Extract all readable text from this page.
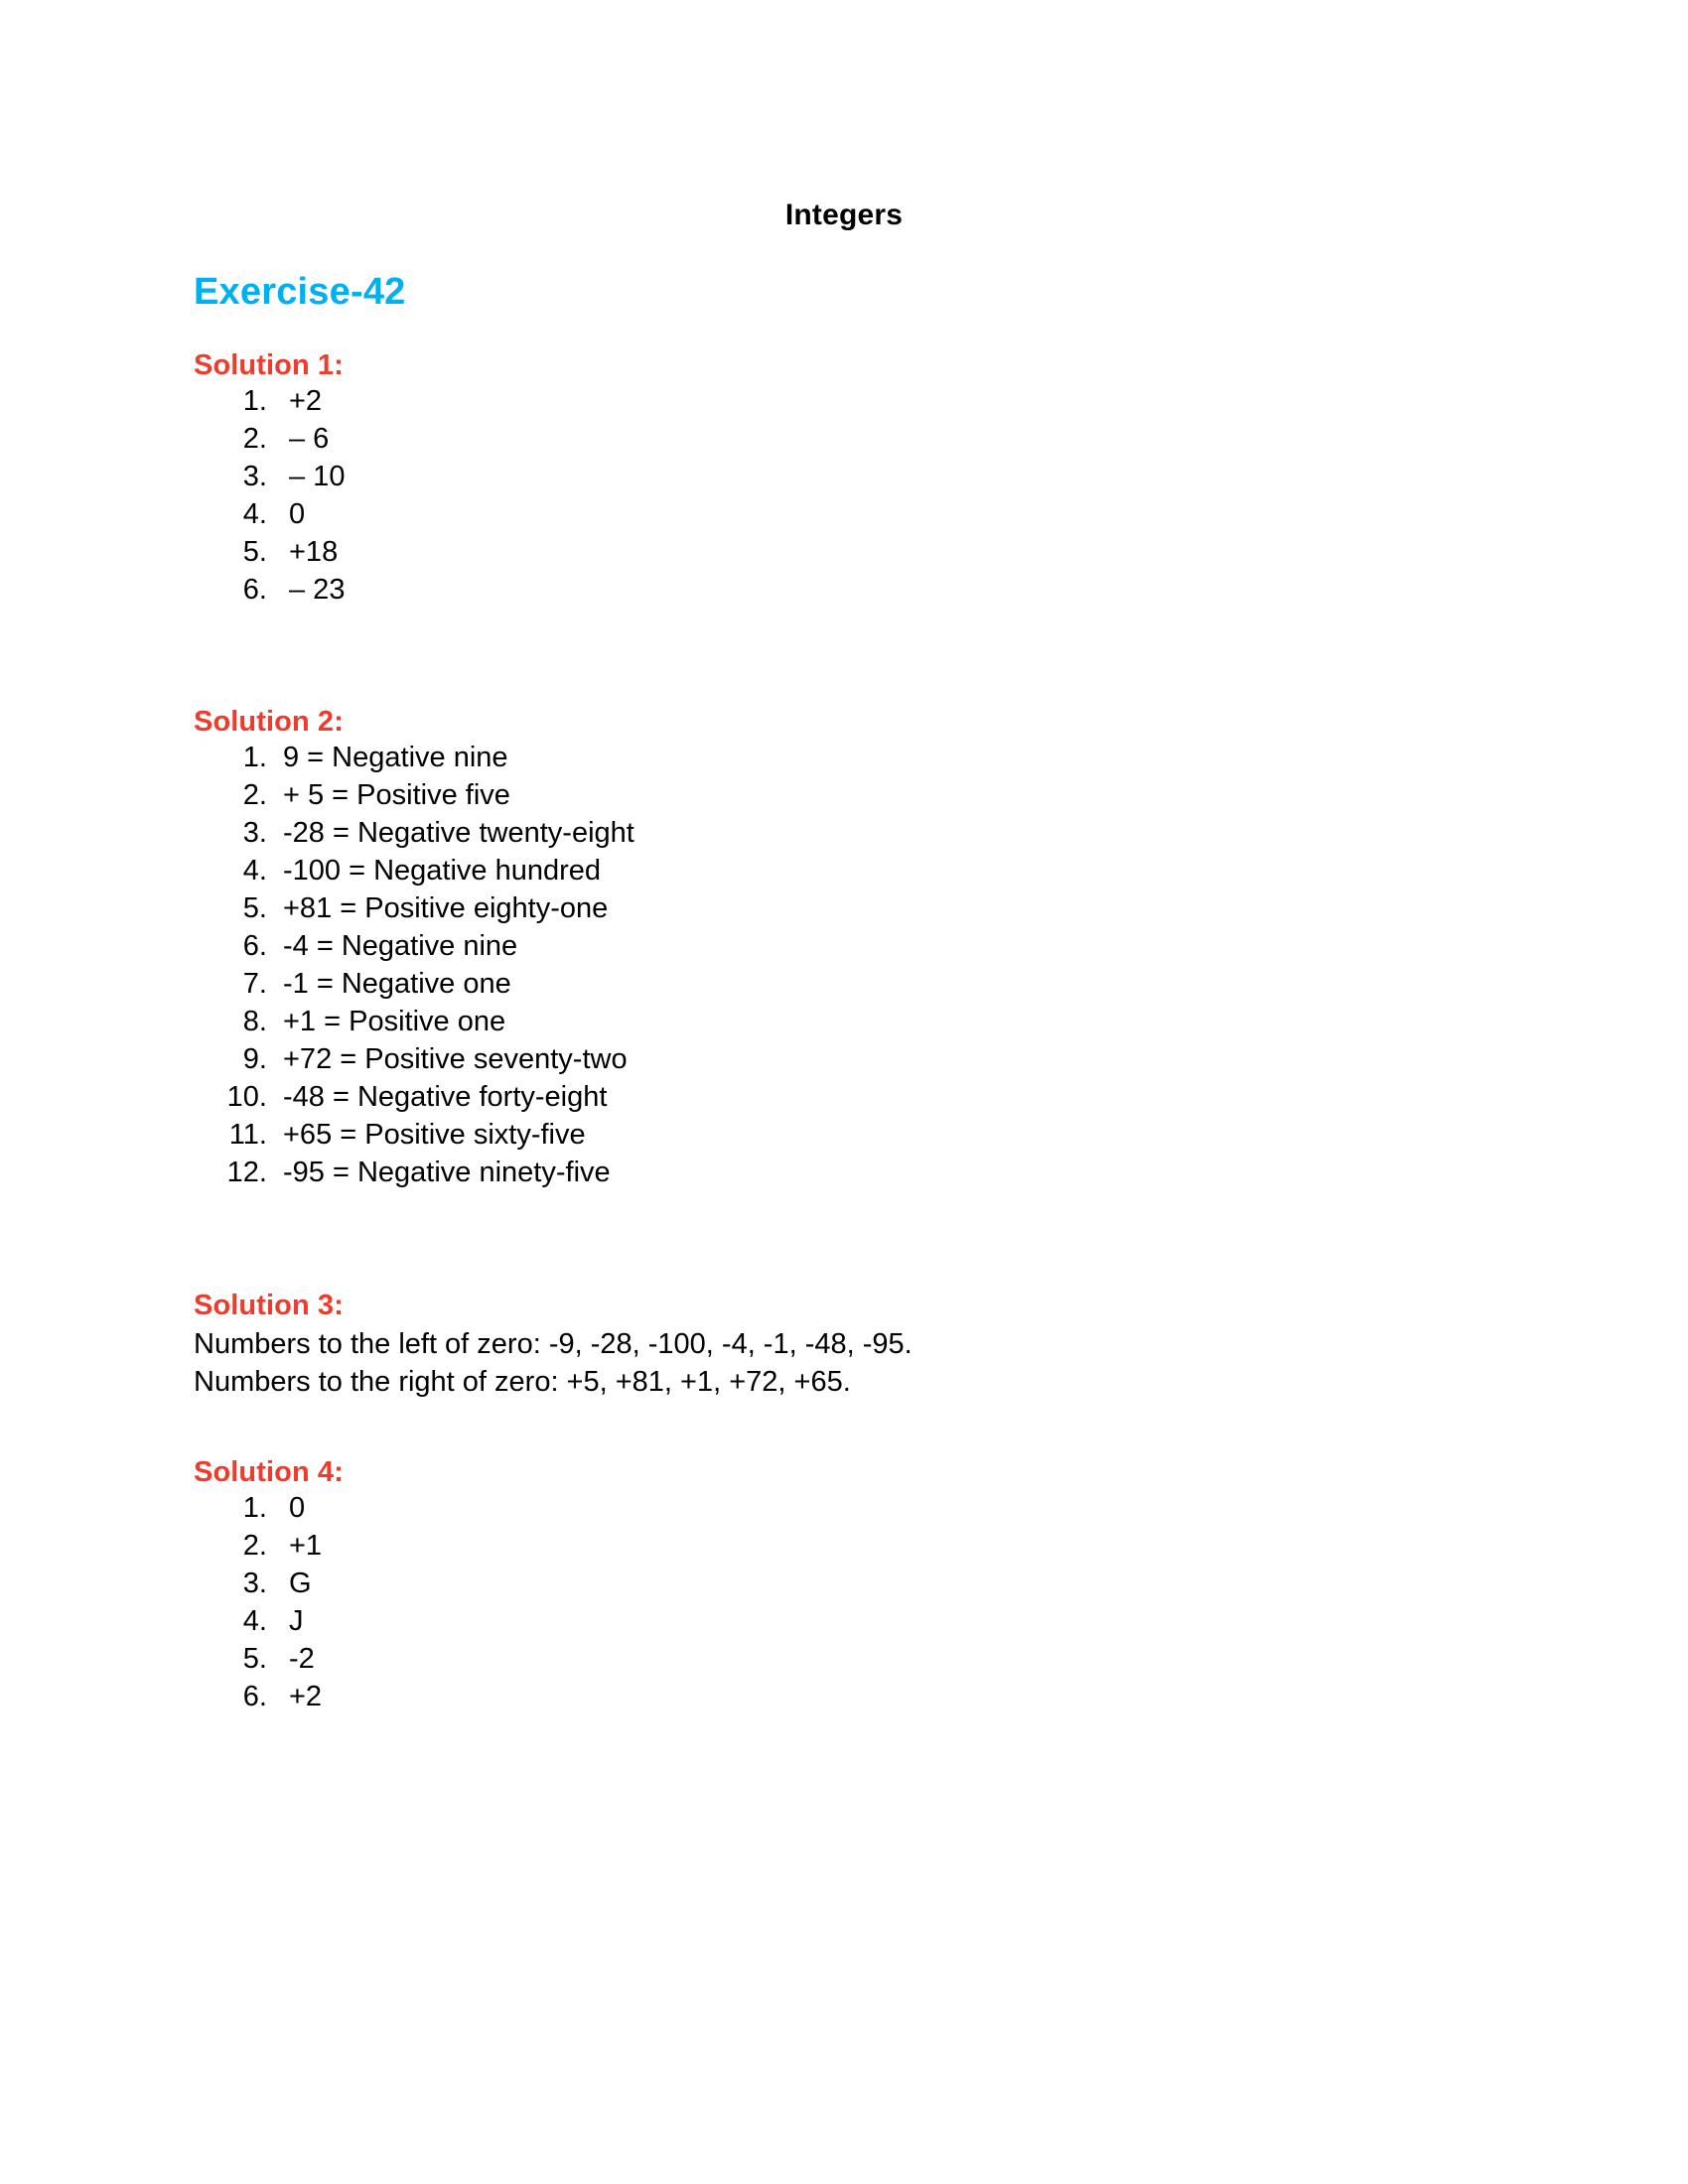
Integers
Exercise-42
Solution 1:
1. +2
2. – 6
3. – 10
4. 0
5. +18
6. – 23
Solution 2:
1. 9 = Negative nine
2. + 5 = Positive five
3. -28 = Negative twenty-eight
4. -100 = Negative hundred
5. +81 = Positive eighty-one
6. -4 = Negative nine
7. -1 = Negative one
8. +1 = Positive one
9. +72 = Positive seventy-two
10. -48 = Negative forty-eight
11. +65 = Positive sixty-five
12. -95 = Negative ninety-five
Solution 3:
Numbers to the left of zero: -9, -28, -100, -4, -1, -48, -95.
Numbers to the right of zero: +5, +81, +1, +72, +65.
Solution 4:
1. 0
2. +1
3. G
4. J
5. -2
6. +2
